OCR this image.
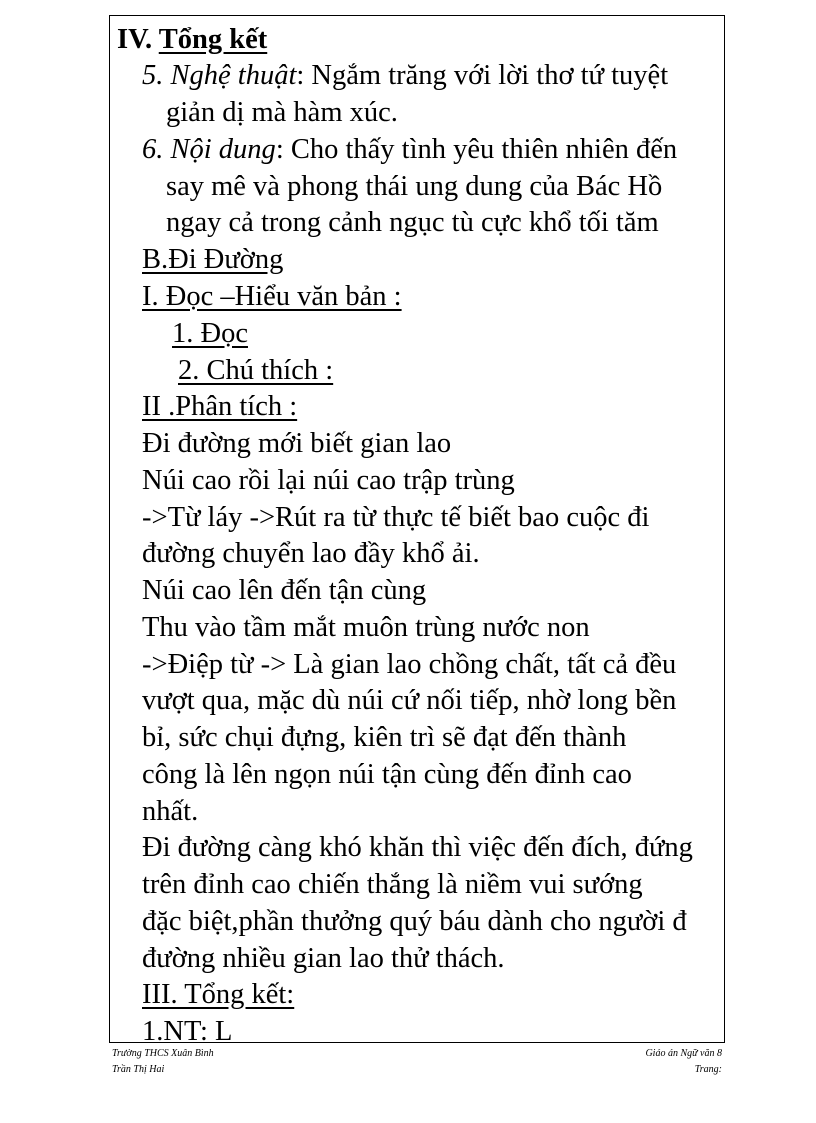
IV. Tổng kết
5. Nghệ thuật: Ngắm trăng với lời thơ tứ tuyệt
giản dị mà hàm xúc.
6. Nội dung: Cho thấy tình yêu thiên nhiên đến
say mê và phong thái ung dung của Bác Hồ
ngay cả trong cảnh ngục tù cực khổ tối tăm
B.Đi Đường
I. Đọc –Hiểu văn bản :
1. Đọc
2. Chú thích :
II .Phân tích :
Đi đường mới biết gian lao
Núi cao rồi lại núi cao trập trùng
->Từ láy ->Rút ra từ thực tế biết bao cuộc đi
đường chuyển lao đầy khổ ải.
Núi cao lên đến tận cùng
Thu vào tầm mắt muôn trùng nước non
->Điệp từ -> Là gian lao chồng chất, tất cả đều
vượt qua, mặc dù núi cứ nối tiếp, nhờ long bền
bỉ, sức chụi đựng, kiên trì sẽ đạt đến thành
công là lên ngọn núi tận cùng đến đỉnh cao
nhất.
Đi đường càng khó khăn thì việc đến đích, đứng
trên đỉnh cao chiến thắng là niềm vui sướng
đặc biệt,phần thưởng quý báu dành cho người đ
đường nhiều gian lao thử thách.
III. Tổng kết:
1.NT: L
Trường THCS Xuân Bình
Trần Thị Hai
Giáo án Ngữ văn 8
Trang:
